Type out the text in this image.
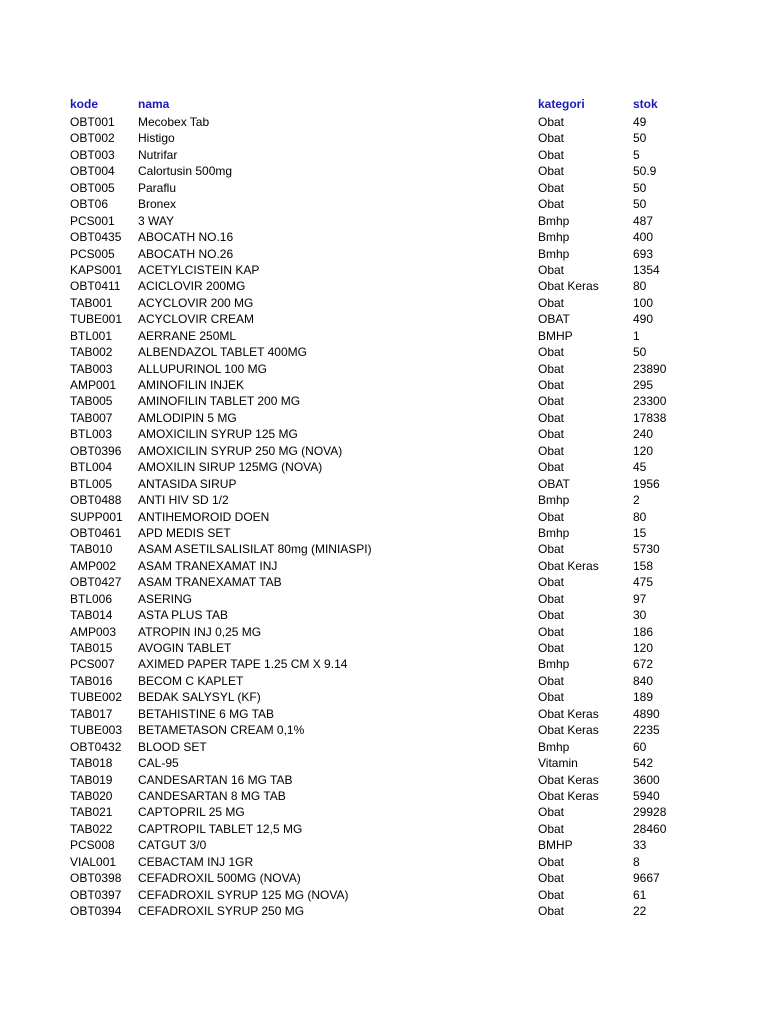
kode	nama	kategori	stok
OBT001	Mecobex Tab	Obat	49
OBT002	Histigo	Obat	50
OBT003	Nutrifar	Obat	5
OBT004	Calortusin 500mg	Obat	50.9
OBT005	Paraflu	Obat	50
OBT06	Bronex	Obat	50
PCS001	3 WAY	Bmhp	487
OBT0435	ABOCATH NO.16	Bmhp	400
PCS005	ABOCATH NO.26	Bmhp	693
KAPS001	ACETYLCISTEIN KAP	Obat	1354
OBT0411	ACICLOVIR 200MG	Obat Keras	80
TAB001	ACYCLOVIR 200 MG	Obat	100
TUBE001	ACYCLOVIR CREAM	OBAT	490
BTL001	AERRANE 250ML	BMHP	1
TAB002	ALBENDAZOL TABLET 400MG	Obat	50
TAB003	ALLUPURINOL 100 MG	Obat	23890
AMP001	AMINOFILIN INJEK	Obat	295
TAB005	AMINOFILIN TABLET 200 MG	Obat	23300
TAB007	AMLODIPIN 5 MG	Obat	17838
BTL003	AMOXICILIN SYRUP 125 MG	Obat	240
OBT0396	AMOXICILIN SYRUP 250 MG (NOVA)	Obat	120
BTL004	AMOXILIN SIRUP 125MG (NOVA)	Obat	45
BTL005	ANTASIDA SIRUP	OBAT	1956
OBT0488	ANTI HIV SD 1/2	Bmhp	2
SUPP001	ANTIHEMOROID DOEN	Obat	80
OBT0461	APD MEDIS SET	Bmhp	15
TAB010	ASAM ASETILSALISILAT 80mg (MINIASPI)	Obat	5730
AMP002	ASAM TRANEXAMAT INJ	Obat Keras	158
OBT0427	ASAM TRANEXAMAT TAB	Obat	475
BTL006	ASERING	Obat	97
TAB014	ASTA PLUS TAB	Obat	30
AMP003	ATROPIN INJ 0,25 MG	Obat	186
TAB015	AVOGIN TABLET	Obat	120
PCS007	AXIMED PAPER TAPE 1.25 CM X 9.14	Bmhp	672
TAB016	BECOM C KAPLET	Obat	840
TUBE002	BEDAK SALYSYL (KF)	Obat	189
TAB017	BETAHISTINE 6 MG TAB	Obat Keras	4890
TUBE003	BETAMETASON CREAM 0,1%	Obat Keras	2235
OBT0432	BLOOD SET	Bmhp	60
TAB018	CAL-95	Vitamin	542
TAB019	CANDESARTAN 16 MG TAB	Obat Keras	3600
TAB020	CANDESARTAN 8 MG TAB	Obat Keras	5940
TAB021	CAPTOPRIL 25 MG	Obat	29928
TAB022	CAPTROPIL TABLET 12,5 MG	Obat	28460
PCS008	CATGUT 3/0	BMHP	33
VIAL001	CEBACTAM INJ 1GR	Obat	8
OBT0398	CEFADROXIL 500MG (NOVA)	Obat	9667
OBT0397	CEFADROXIL SYRUP 125 MG (NOVA)	Obat	61
OBT0394	CEFADROXIL SYRUP 250 MG	Obat	22
